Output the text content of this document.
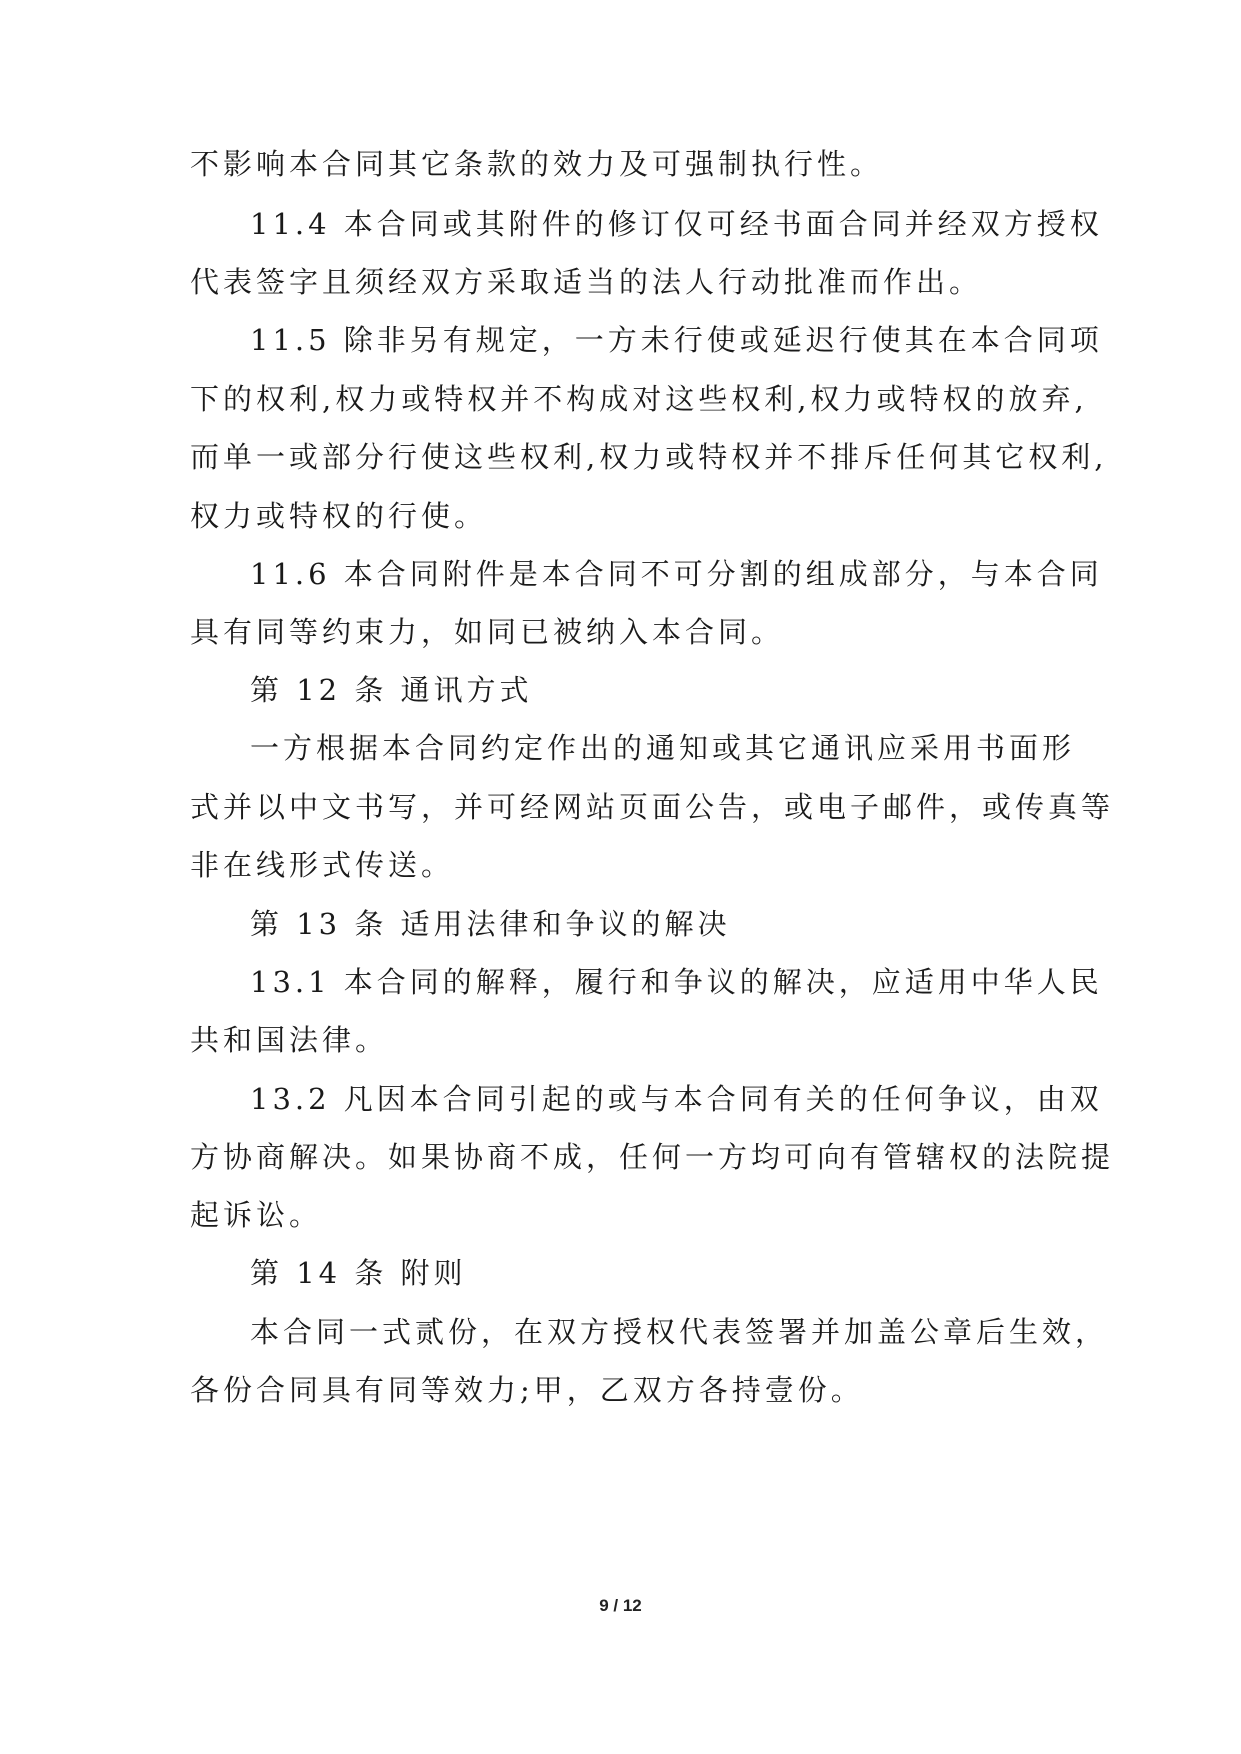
不影响本合同其它条款的效力及可强制执行性。
11.4 本合同或其附件的修订仅可经书面合同并经双方授权
代表签字且须经双方采取适当的法人行动批准而作出。
11.5 除非另有规定，一方未行使或延迟行使其在本合同项
下的权利,权力或特权并不构成对这些权利,权力或特权的放弃,
而单一或部分行使这些权利,权力或特权并不排斥任何其它权利,
权力或特权的行使。
11.6 本合同附件是本合同不可分割的组成部分，与本合同
具有同等约束力，如同已被纳入本合同。
第 12 条 通讯方式
一方根据本合同约定作出的通知或其它通讯应采用书面形
式并以中文书写，并可经网站页面公告，或电子邮件，或传真等
非在线形式传送。
第 13 条 适用法律和争议的解决
13.1 本合同的解释，履行和争议的解决，应适用中华人民
共和国法律。
13.2 凡因本合同引起的或与本合同有关的任何争议，由双
方协商解决。如果协商不成，任何一方均可向有管辖权的法院提
起诉讼。
第 14 条 附则
本合同一式贰份，在双方授权代表签署并加盖公章后生效，
各份合同具有同等效力;甲，乙双方各持壹份。
9 / 12
